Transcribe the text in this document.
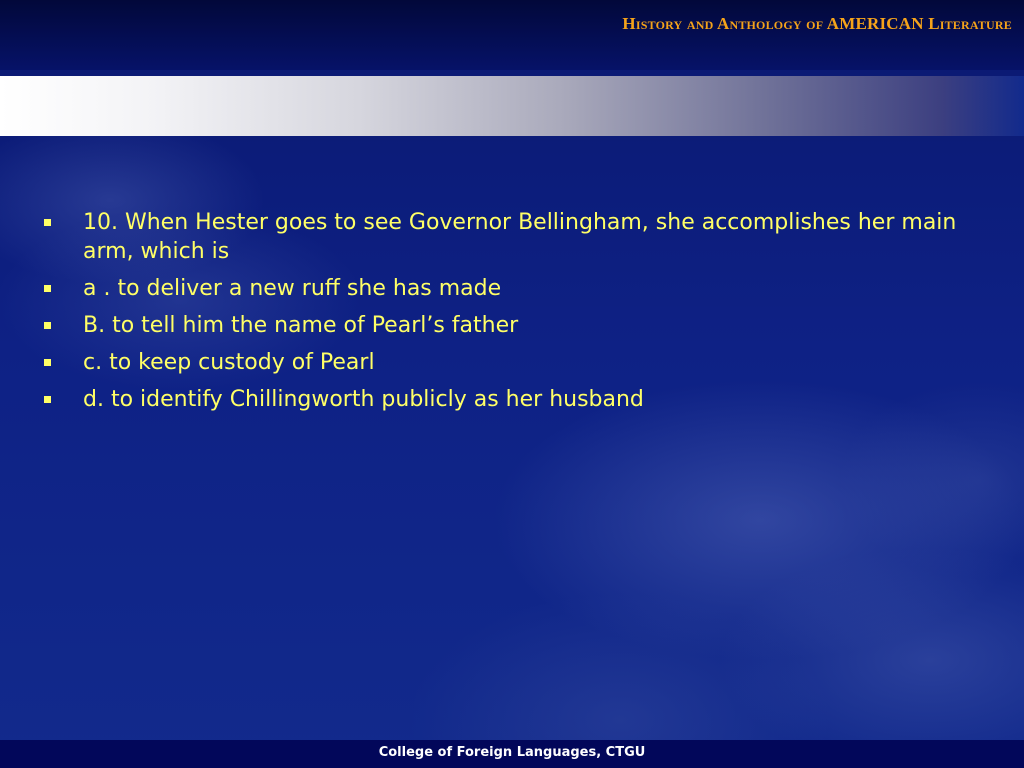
History and Anthology of AMERICAN Literature
10. When Hester goes to see Governor Bellingham, she accomplishes her main arm, which is
a . to deliver a new ruff she has made
B. to tell him the name of Pearl’s father
c. to keep custody of Pearl
d. to identify Chillingworth publicly as her husband
College of Foreign Languages, CTGU
